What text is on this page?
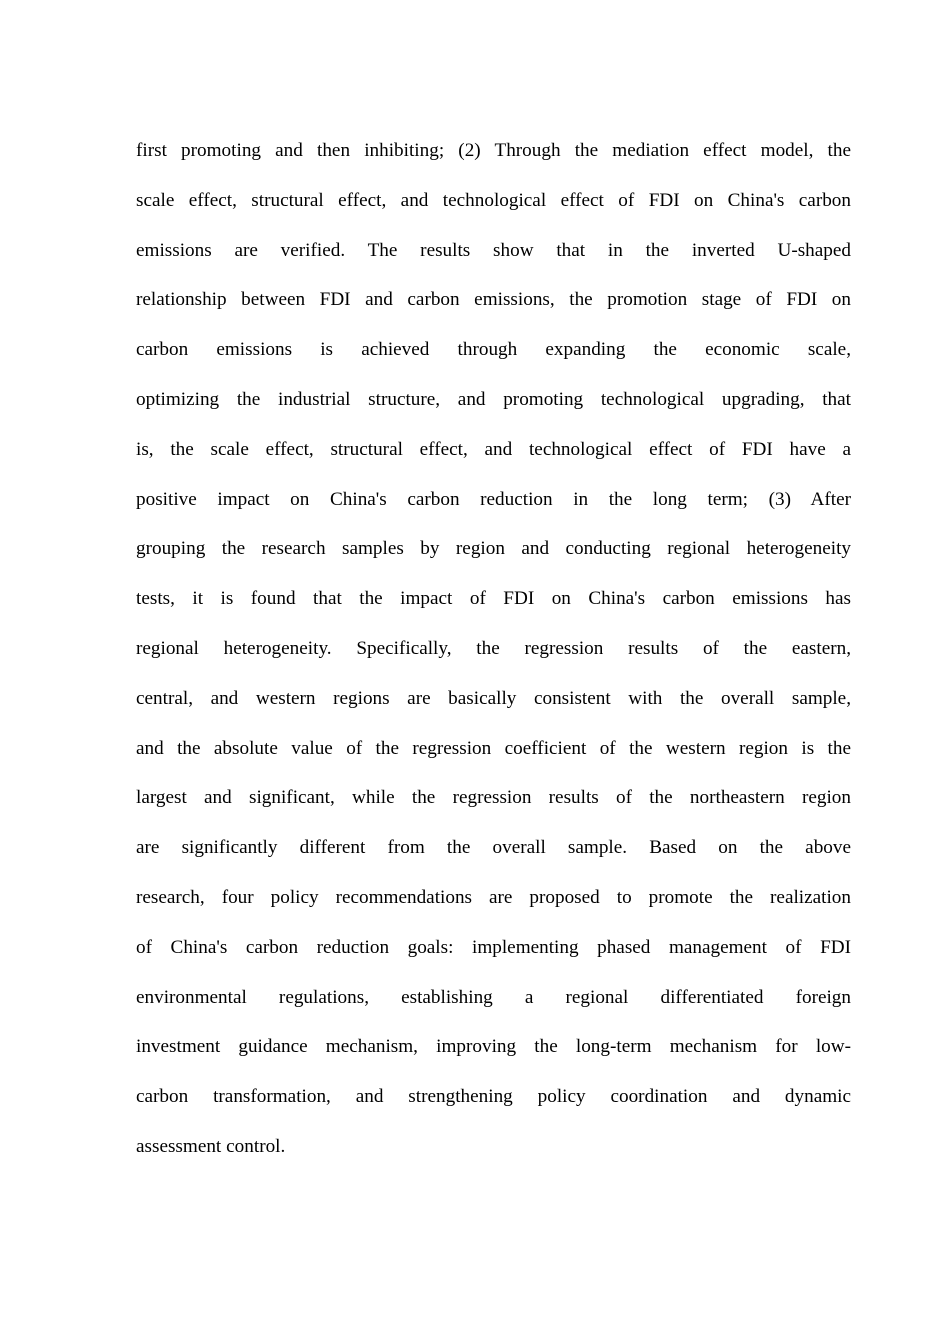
first promoting and then inhibiting; (2) Through the mediation effect model, the
scale effect, structural effect, and technological effect of FDI on China's carbon
emissions are verified. The results show that in the inverted U-shaped
relationship between FDI and carbon emissions, the promotion stage of FDI on
carbon emissions is achieved through expanding the economic scale,
optimizing the industrial structure, and promoting technological upgrading, that
is, the scale effect, structural effect, and technological effect of FDI have a
positive impact on China's carbon reduction in the long term; (3) After
grouping the research samples by region and conducting regional heterogeneity
tests, it is found that the impact of FDI on China's carbon emissions has
regional heterogeneity. Specifically, the regression results of the eastern,
central, and western regions are basically consistent with the overall sample,
and the absolute value of the regression coefficient of the western region is the
largest and significant, while the regression results of the northeastern region
are significantly different from the overall sample. Based on the above
research, four policy recommendations are proposed to promote the realization
of China's carbon reduction goals: implementing phased management of FDI
environmental regulations, establishing a regional differentiated foreign
investment guidance mechanism, improving the long-term mechanism for low-
carbon transformation, and strengthening policy coordination and dynamic
assessment control.
